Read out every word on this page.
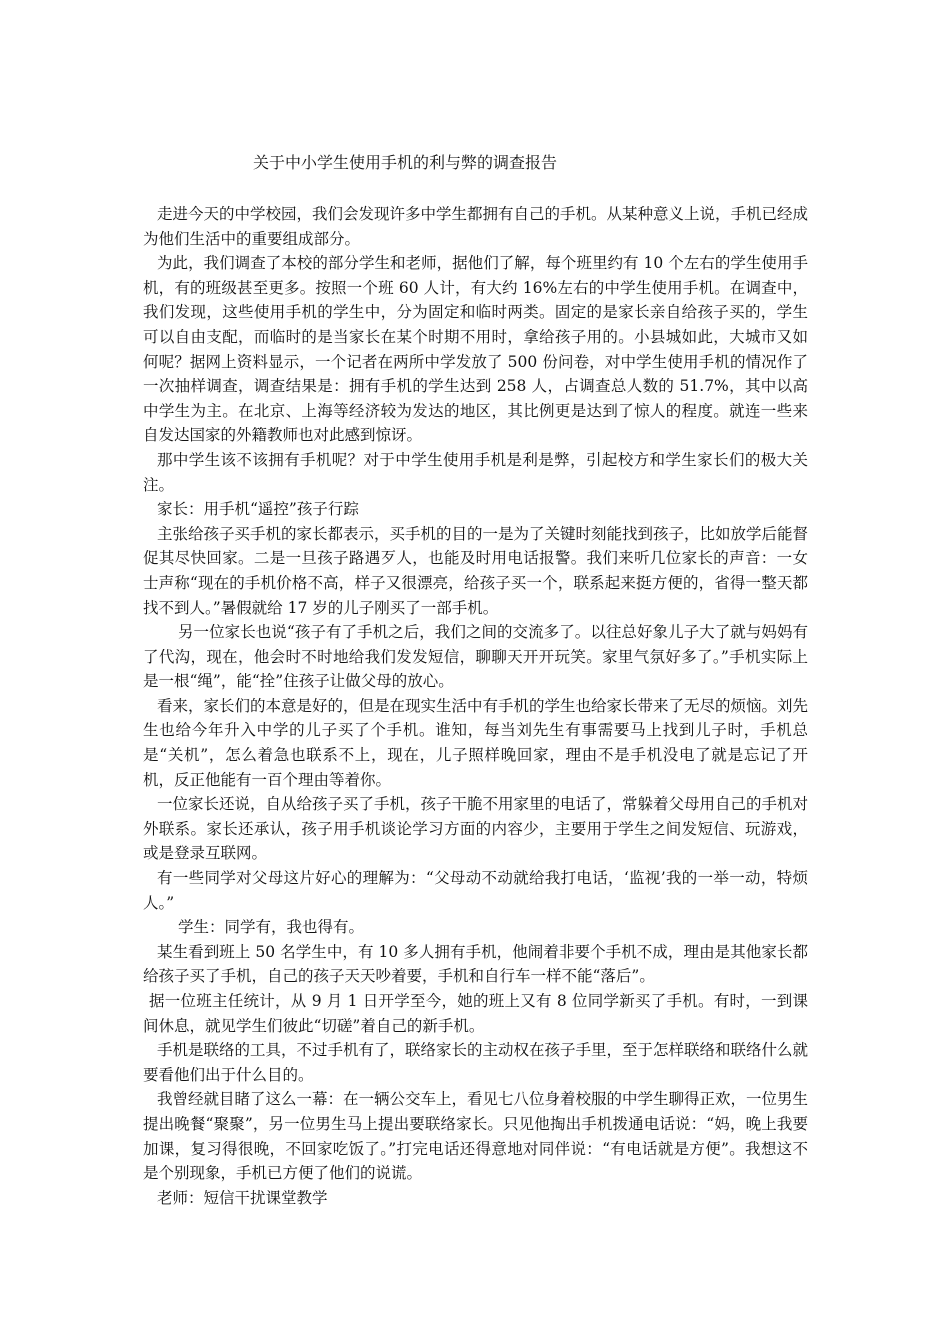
关于中小学生使用手机的利与弊的调查报告

走进今天的中学校园，我们会发现许多中学生都拥有自己的手机。从某种意义上说，手机已经成为他们生活中的重要组成部分。

为此，我们调查了本校的部分学生和老师，据他们了解，每个班里约有 10 个左右的学生使用手机，有的班级甚至更多。按照一个班 60 人计，有大约 16%左右的中学生使用手机。在调查中，我们发现，这些使用手机的学生中，分为固定和临时两类。固定的是家长亲自给孩子买的，学生可以自由支配，而临时的是当家长在某个时期不用时，拿给孩子用的。小县城如此，大城市又如何呢？据网上资料显示，一个记者在两所中学发放了 500 份问卷，对中学生使用手机的情况作了一次抽样调查，调查结果是：拥有手机的学生达到 258 人，占调查总人数的 51.7%，其中以高中学生为主。在北京、上海等经济较为发达的地区，其比例更是达到了惊人的程度。就连一些来自发达国家的外籍教师也对此感到惊讶。

那中学生该不该拥有手机呢？对于中学生使用手机是利是弊，引起校方和学生家长们的极大关注。

家长：用手机“遥控”孩子行踪

主张给孩子买手机的家长都表示，买手机的目的一是为了关键时刻能找到孩子，比如放学后能督促其尽快回家。二是一旦孩子路遇歹人，也能及时用电话报警。我们来听几位家长的声音：一女士声称“现在的手机价格不高，样子又很漂亮，给孩子买一个，联系起来挺方便的，省得一整天都找不到人。”暑假就给 17 岁的儿子刚买了一部手机。

另一位家长也说“孩子有了手机之后，我们之间的交流多了。以往总好象儿子大了就与妈妈有了代沟，现在，他会时不时地给我们发发短信，聊聊天开开玩笑。家里气氛好多了。”手机实际上是一根“绳”，能“拴”住孩子让做父母的放心。

看来，家长们的本意是好的，但是在现实生活中有手机的学生也给家长带来了无尽的烦恼。刘先生也给今年升入中学的儿子买了个手机。谁知，每当刘先生有事需要马上找到儿子时，手机总是“关机”，怎么着急也联系不上，现在，儿子照样晚回家，理由不是手机没电了就是忘记了开机，反正他能有一百个理由等着你。

一位家长还说，自从给孩子买了手机，孩子干脆不用家里的电话了，常躲着父母用自己的手机对外联系。家长还承认，孩子用手机谈论学习方面的内容少，主要用于学生之间发短信、玩游戏，或是登录互联网。

有一些同学对父母这片好心的理解为：“父母动不动就给我打电话，‘监视’我的一举一动，特烦人。”

学生：同学有，我也得有。

某生看到班上 50 名学生中，有 10 多人拥有手机，他闹着非要个手机不成，理由是其他家长都给孩子买了手机，自己的孩子天天吵着要，手机和自行车一样不能“落后”。

据一位班主任统计，从 9 月 1 日开学至今，她的班上又有 8 位同学新买了手机。有时，一到课间休息，就见学生们彼此“切磋”着自己的新手机。

手机是联络的工具，不过手机有了，联络家长的主动权在孩子手里，至于怎样联络和联络什么就要看他们出于什么目的。

我曾经就目睹了这么一幕：在一辆公交车上，看见七八位身着校服的中学生聊得正欢，一位男生提出晚餐“聚聚”，另一位男生马上提出要联络家长。只见他掏出手机拨通电话说：“妈，晚上我要加课，复习得很晚，不回家吃饭了。”打完电话还得意地对同伴说：“有电话就是方便”。我想这不是个别现象，手机已方便了他们的说谎。

老师：短信干扰课堂教学
